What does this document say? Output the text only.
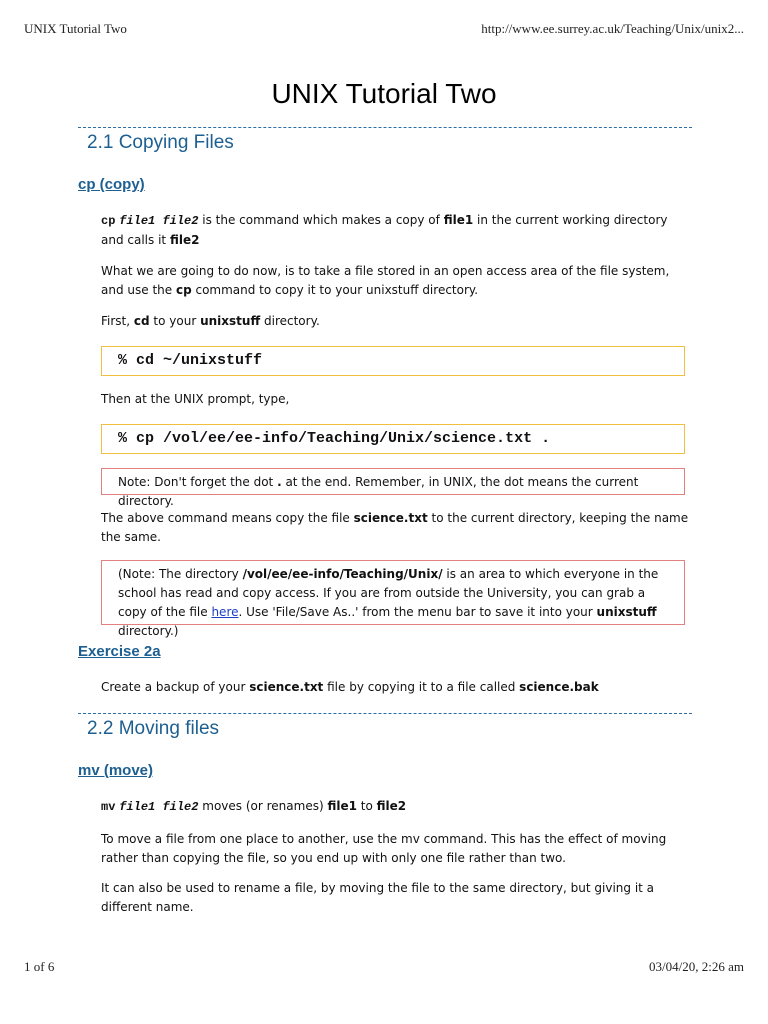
UNIX Tutorial Two	http://www.ee.surrey.ac.uk/Teaching/Unix/unix2...
UNIX Tutorial Two
2.1 Copying Files
cp (copy)
cp file1 file2 is the command which makes a copy of file1 in the current working directory and calls it file2
What we are going to do now, is to take a file stored in an open access area of the file system, and use the cp command to copy it to your unixstuff directory.
First, cd to your unixstuff directory.
% cd ~/unixstuff
Then at the UNIX prompt, type,
% cp /vol/ee/ee-info/Teaching/Unix/science.txt .
Note: Don't forget the dot . at the end. Remember, in UNIX, the dot means the current directory.
The above command means copy the file science.txt to the current directory, keeping the name the same.
(Note: The directory /vol/ee/ee-info/Teaching/Unix/ is an area to which everyone in the school has read and copy access. If you are from outside the University, you can grab a copy of the file here. Use 'File/Save As..' from the menu bar to save it into your unixstuff directory.)
Exercise 2a
Create a backup of your science.txt file by copying it to a file called science.bak
2.2 Moving files
mv (move)
mv file1 file2 moves (or renames) file1 to file2
To move a file from one place to another, use the mv command. This has the effect of moving rather than copying the file, so you end up with only one file rather than two.
It can also be used to rename a file, by moving the file to the same directory, but giving it a different name.
1 of 6	03/04/20, 2:26 am
